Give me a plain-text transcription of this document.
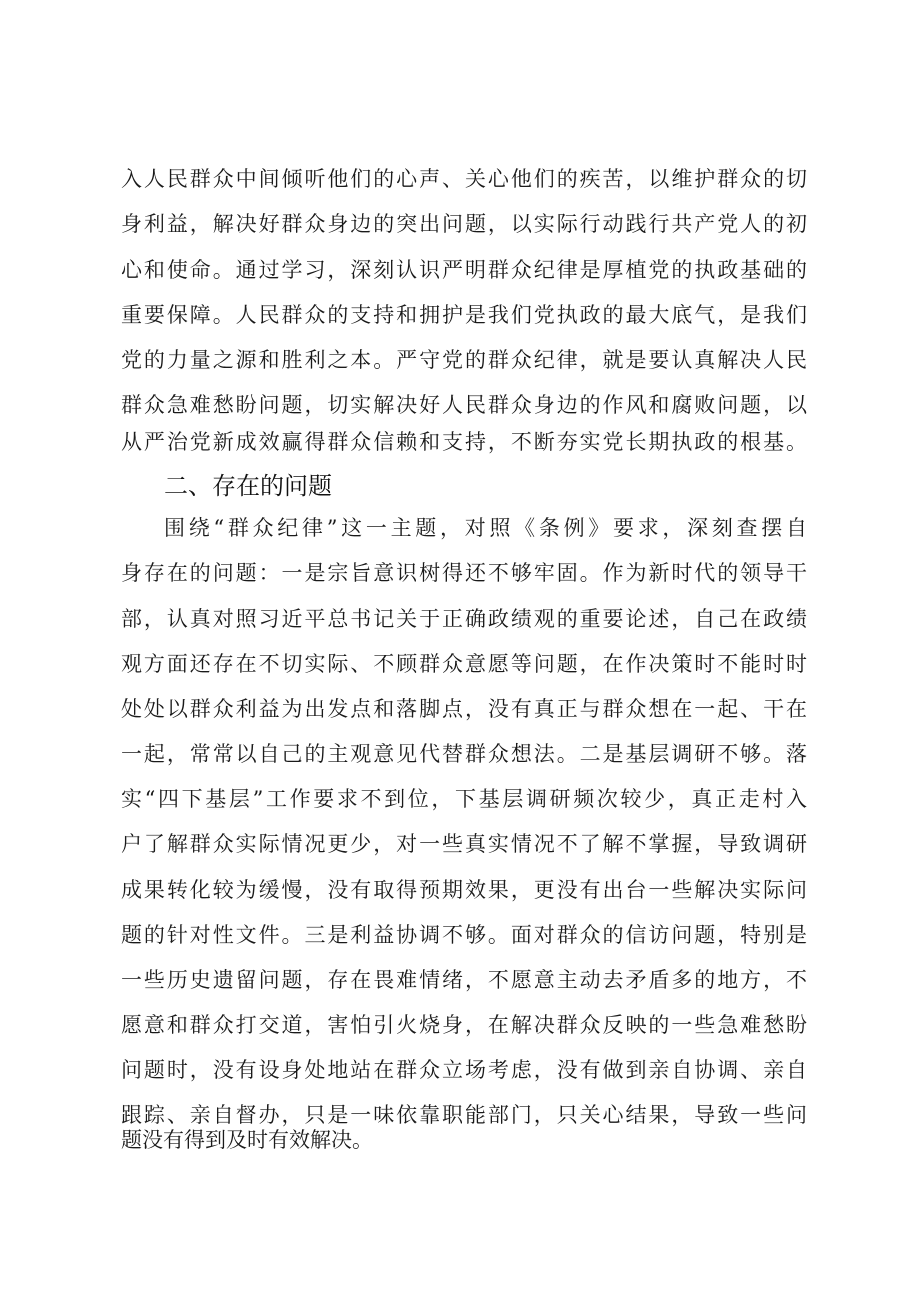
入人民群众中间倾听他们的心声、关心他们的疾苦，以维护群众的切
身利益，解决好群众身边的突出问题，以实际行动践行共产党人的初
心和使命。通过学习，深刻认识严明群众纪律是厚植党的执政基础的
重要保障。人民群众的支持和拥护是我们党执政的最大底气，是我们
党的力量之源和胜利之本。严守党的群众纪律，就是要认真解决人民
群众急难愁盼问题，切实解决好人民群众身边的作风和腐败问题，以
从严治党新成效赢得群众信赖和支持，不断夯实党长期执政的根基。
二、存在的问题
围绕“群众纪律”这一主题，对照《条例》要求，深刻查摆自
身存在的问题：一是宗旨意识树得还不够牢固。作为新时代的领导干
部，认真对照习近平总书记关于正确政绩观的重要论述，自己在政绩
观方面还存在不切实际、不顾群众意愿等问题，在作决策时不能时时
处处以群众利益为出发点和落脚点，没有真正与群众想在一起、干在
一起，常常以自己的主观意见代替群众想法。二是基层调研不够。落
实“四下基层”工作要求不到位，下基层调研频次较少，真正走村入
户了解群众实际情况更少，对一些真实情况不了解不掌握，导致调研
成果转化较为缓慢，没有取得预期效果，更没有出台一些解决实际问
题的针对性文件。三是利益协调不够。面对群众的信访问题，特别是
一些历史遗留问题，存在畏难情绪，不愿意主动去矛盾多的地方，不
愿意和群众打交道，害怕引火烧身，在解决群众反映的一些急难愁盼
问题时，没有设身处地站在群众立场考虑，没有做到亲自协调、亲自
跟踪、亲自督办，只是一味依靠职能部门，只关心结果，导致一些问
题没有得到及时有效解决。
